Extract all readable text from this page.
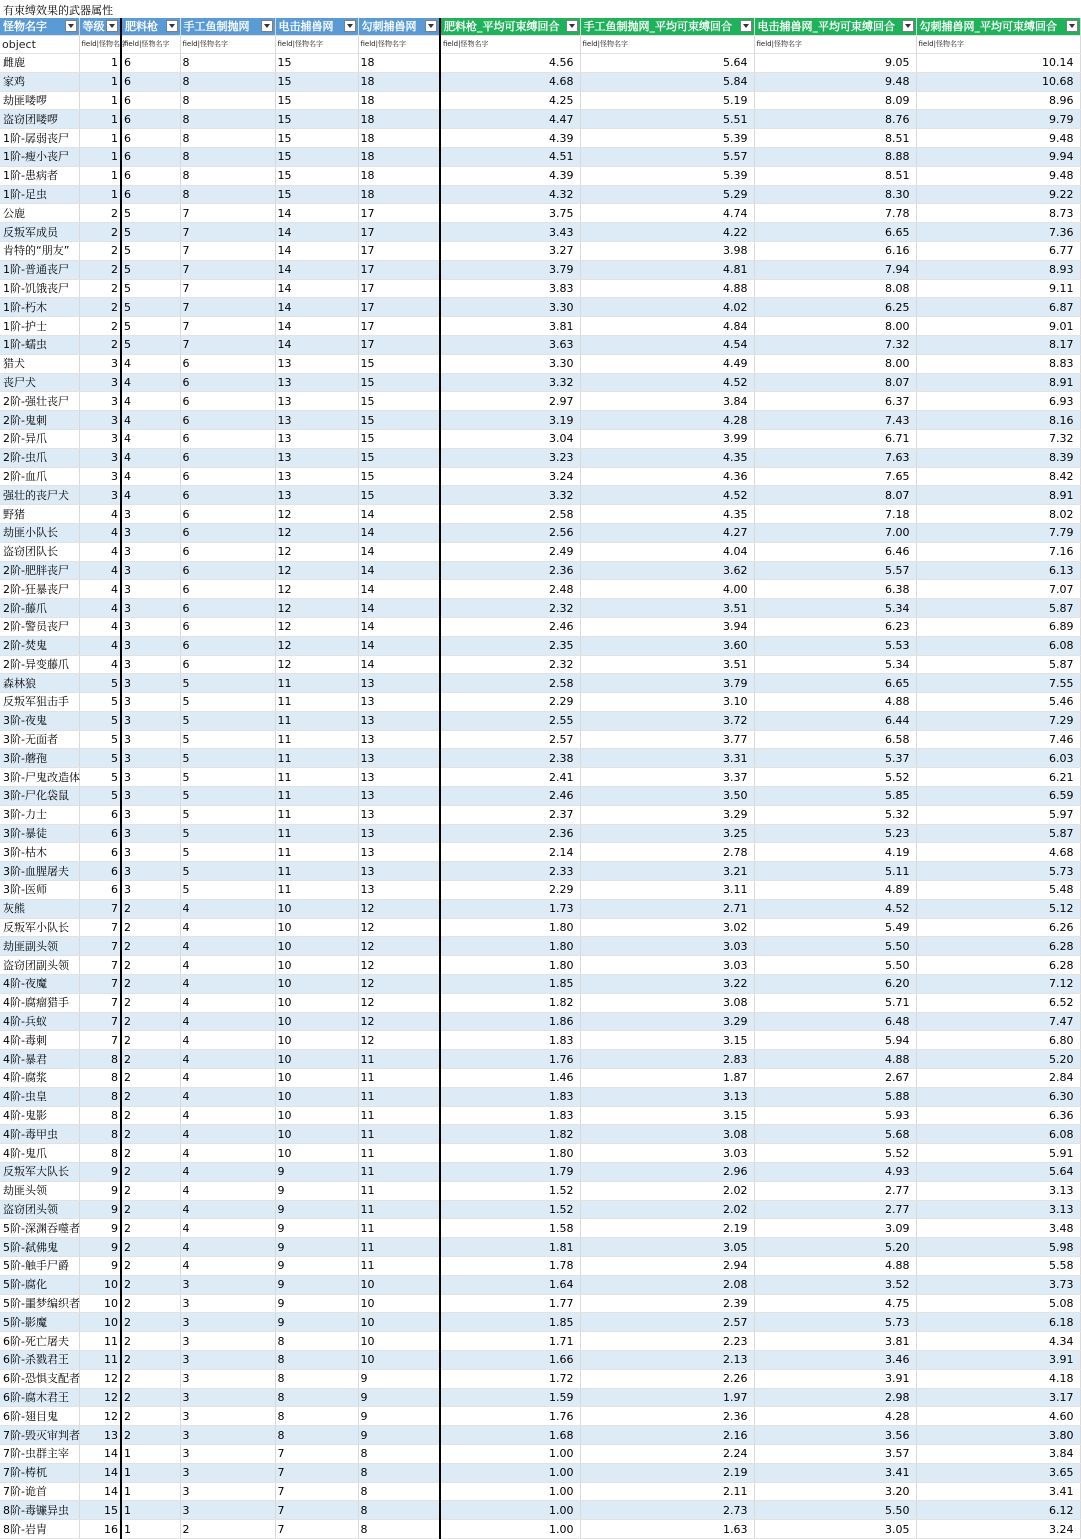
有束缚效果的武器属性
怪物名字	等级	肥料枪	手工鱼制抛网	电击捕兽网	勾刺捕兽网	肥料枪_平均可束缚回合	手工鱼制抛网_平均可束缚回合	电击捕兽网_平均可束缚回合	勾刺捕兽网_平均可束缚回合

object	field|怪物名字	field|怪物名字	field|怪物名字	field|怪物名字	field|怪物名字	field|怪物名字	field|怪物名字	field|怪物名字	field|怪物名字
雌鹿	1	6	8	15	18	4.56	5.64	9.05	10.14
家鸡	1	6	8	15	18	4.68	5.84	9.48	10.68
劫匪喽啰	1	6	8	15	18	4.25	5.19	8.09	8.96
盗窃团喽啰	1	6	8	15	18	4.47	5.51	8.76	9.79
1阶-孱弱丧尸	1	6	8	15	18	4.39	5.39	8.51	9.48
1阶-瘦小丧尸	1	6	8	15	18	4.51	5.57	8.88	9.94
1阶-患病者	1	6	8	15	18	4.39	5.39	8.51	9.48
1阶-足虫	1	6	8	15	18	4.32	5.29	8.30	9.22
公鹿	2	5	7	14	17	3.75	4.74	7.78	8.73
反叛军成员	2	5	7	14	17	3.43	4.22	6.65	7.36
肯特的“朋友”	2	5	7	14	17	3.27	3.98	6.16	6.77
1阶-普通丧尸	2	5	7	14	17	3.79	4.81	7.94	8.93
1阶-饥饿丧尸	2	5	7	14	17	3.83	4.88	8.08	9.11
1阶-朽木	2	5	7	14	17	3.30	4.02	6.25	6.87
1阶-护士	2	5	7	14	17	3.81	4.84	8.00	9.01
1阶-蠕虫	2	5	7	14	17	3.63	4.54	7.32	8.17
猎犬	3	4	6	13	15	3.30	4.49	8.00	8.83
丧尸犬	3	4	6	13	15	3.32	4.52	8.07	8.91
2阶-强壮丧尸	3	4	6	13	15	2.97	3.84	6.37	6.93
2阶-鬼刺	3	4	6	13	15	3.19	4.28	7.43	8.16
2阶-异爪	3	4	6	13	15	3.04	3.99	6.71	7.32
2阶-虫爪	3	4	6	13	15	3.23	4.35	7.63	8.39
2阶-血爪	3	4	6	13	15	3.24	4.36	7.65	8.42
强壮的丧尸犬	3	4	6	13	15	3.32	4.52	8.07	8.91
野猪	4	3	6	12	14	2.58	4.35	7.18	8.02
劫匪小队长	4	3	6	12	14	2.56	4.27	7.00	7.79
盗窃团队长	4	3	6	12	14	2.49	4.04	6.46	7.16
2阶-肥胖丧尸	4	3	6	12	14	2.36	3.62	5.57	6.13
2阶-狂暴丧尸	4	3	6	12	14	2.48	4.00	6.38	7.07
2阶-藤爪	4	3	6	12	14	2.32	3.51	5.34	5.87
2阶-警员丧尸	4	3	6	12	14	2.46	3.94	6.23	6.89
2阶-焚鬼	4	3	6	12	14	2.35	3.60	5.53	6.08
2阶-异变藤爪	4	3	6	12	14	2.32	3.51	5.34	5.87
森林狼	5	3	5	11	13	2.58	3.79	6.65	7.55
反叛军狙击手	5	3	5	11	13	2.29	3.10	4.88	5.46
3阶-夜鬼	5	3	5	11	13	2.55	3.72	6.44	7.29
3阶-无面者	5	3	5	11	13	2.57	3.77	6.58	7.46
3阶-蘑孢	5	3	5	11	13	2.38	3.31	5.37	6.03
3阶-尸鬼改造体	5	3	5	11	13	2.41	3.37	5.52	6.21
3阶-尸化袋鼠	5	3	5	11	13	2.46	3.50	5.85	6.59
3阶-力士	6	3	5	11	13	2.37	3.29	5.32	5.97
3阶-暴徒	6	3	5	11	13	2.36	3.25	5.23	5.87
3阶-枯木	6	3	5	11	13	2.14	2.78	4.19	4.68
3阶-血腥屠夫	6	3	5	11	13	2.33	3.21	5.11	5.73
3阶-医师	6	3	5	11	13	2.29	3.11	4.89	5.48
灰熊	7	2	4	10	12	1.73	2.71	4.52	5.12
反叛军小队长	7	2	4	10	12	1.80	3.02	5.49	6.26
劫匪副头领	7	2	4	10	12	1.80	3.03	5.50	6.28
盗窃团副头领	7	2	4	10	12	1.80	3.03	5.50	6.28
4阶-夜魔	7	2	4	10	12	1.85	3.22	6.20	7.12
4阶-腐瘤猎手	7	2	4	10	12	1.82	3.08	5.71	6.52
4阶-兵蚁	7	2	4	10	12	1.86	3.29	6.48	7.47
4阶-毒刺	7	2	4	10	12	1.83	3.15	5.94	6.80
4阶-暴君	8	2	4	10	11	1.76	2.83	4.88	5.20
4阶-腐浆	8	2	4	10	11	1.46	1.87	2.67	2.84
4阶-虫皇	8	2	4	10	11	1.83	3.13	5.88	6.30
4阶-鬼影	8	2	4	10	11	1.83	3.15	5.93	6.36
4阶-毒甲虫	8	2	4	10	11	1.82	3.08	5.68	6.08
4阶-鬼爪	8	2	4	10	11	1.80	3.03	5.52	5.91
反叛军大队长	9	2	4	9	11	1.79	2.96	4.93	5.64
劫匪头领	9	2	4	9	11	1.52	2.02	2.77	3.13
盗窃团头领	9	2	4	9	11	1.52	2.02	2.77	3.13
5阶-深渊吞噬者	9	2	4	9	11	1.58	2.19	3.09	3.48
5阶-弑佛鬼	9	2	4	9	11	1.81	3.05	5.20	5.98
5阶-触手尸爵	9	2	4	9	11	1.78	2.94	4.88	5.58
5阶-腐化	10	2	3	9	10	1.64	2.08	3.52	3.73
5阶-噩梦编织者	10	2	3	9	10	1.77	2.39	4.75	5.08
5阶-影魔	10	2	3	9	10	1.85	2.57	5.73	6.18
6阶-死亡屠夫	11	2	3	8	10	1.71	2.23	3.81	4.34
6阶-杀戮君王	11	2	3	8	10	1.66	2.13	3.46	3.91
6阶-恐惧支配者	12	2	3	8	9	1.72	2.26	3.91	4.18
6阶-腐木君王	12	2	3	8	9	1.59	1.97	2.98	3.17
6阶-翅目鬼	12	2	3	8	9	1.76	2.36	4.28	4.60
7阶-毁灭审判者	13	2	3	8	9	1.68	2.16	3.56	3.80
7阶-虫群主宰	14	1	3	7	8	1.00	2.24	3.57	3.84
7阶-梼杌	14	1	3	7	8	1.00	2.19	3.41	3.65
7阶-诡首	14	1	3	7	8	1.00	2.11	3.20	3.41
8阶-毒镰异虫	15	1	3	7	8	1.00	2.73	5.50	6.12
8阶-岩胄	16	1	2	7	8	1.00	1.63	3.05	3.24
